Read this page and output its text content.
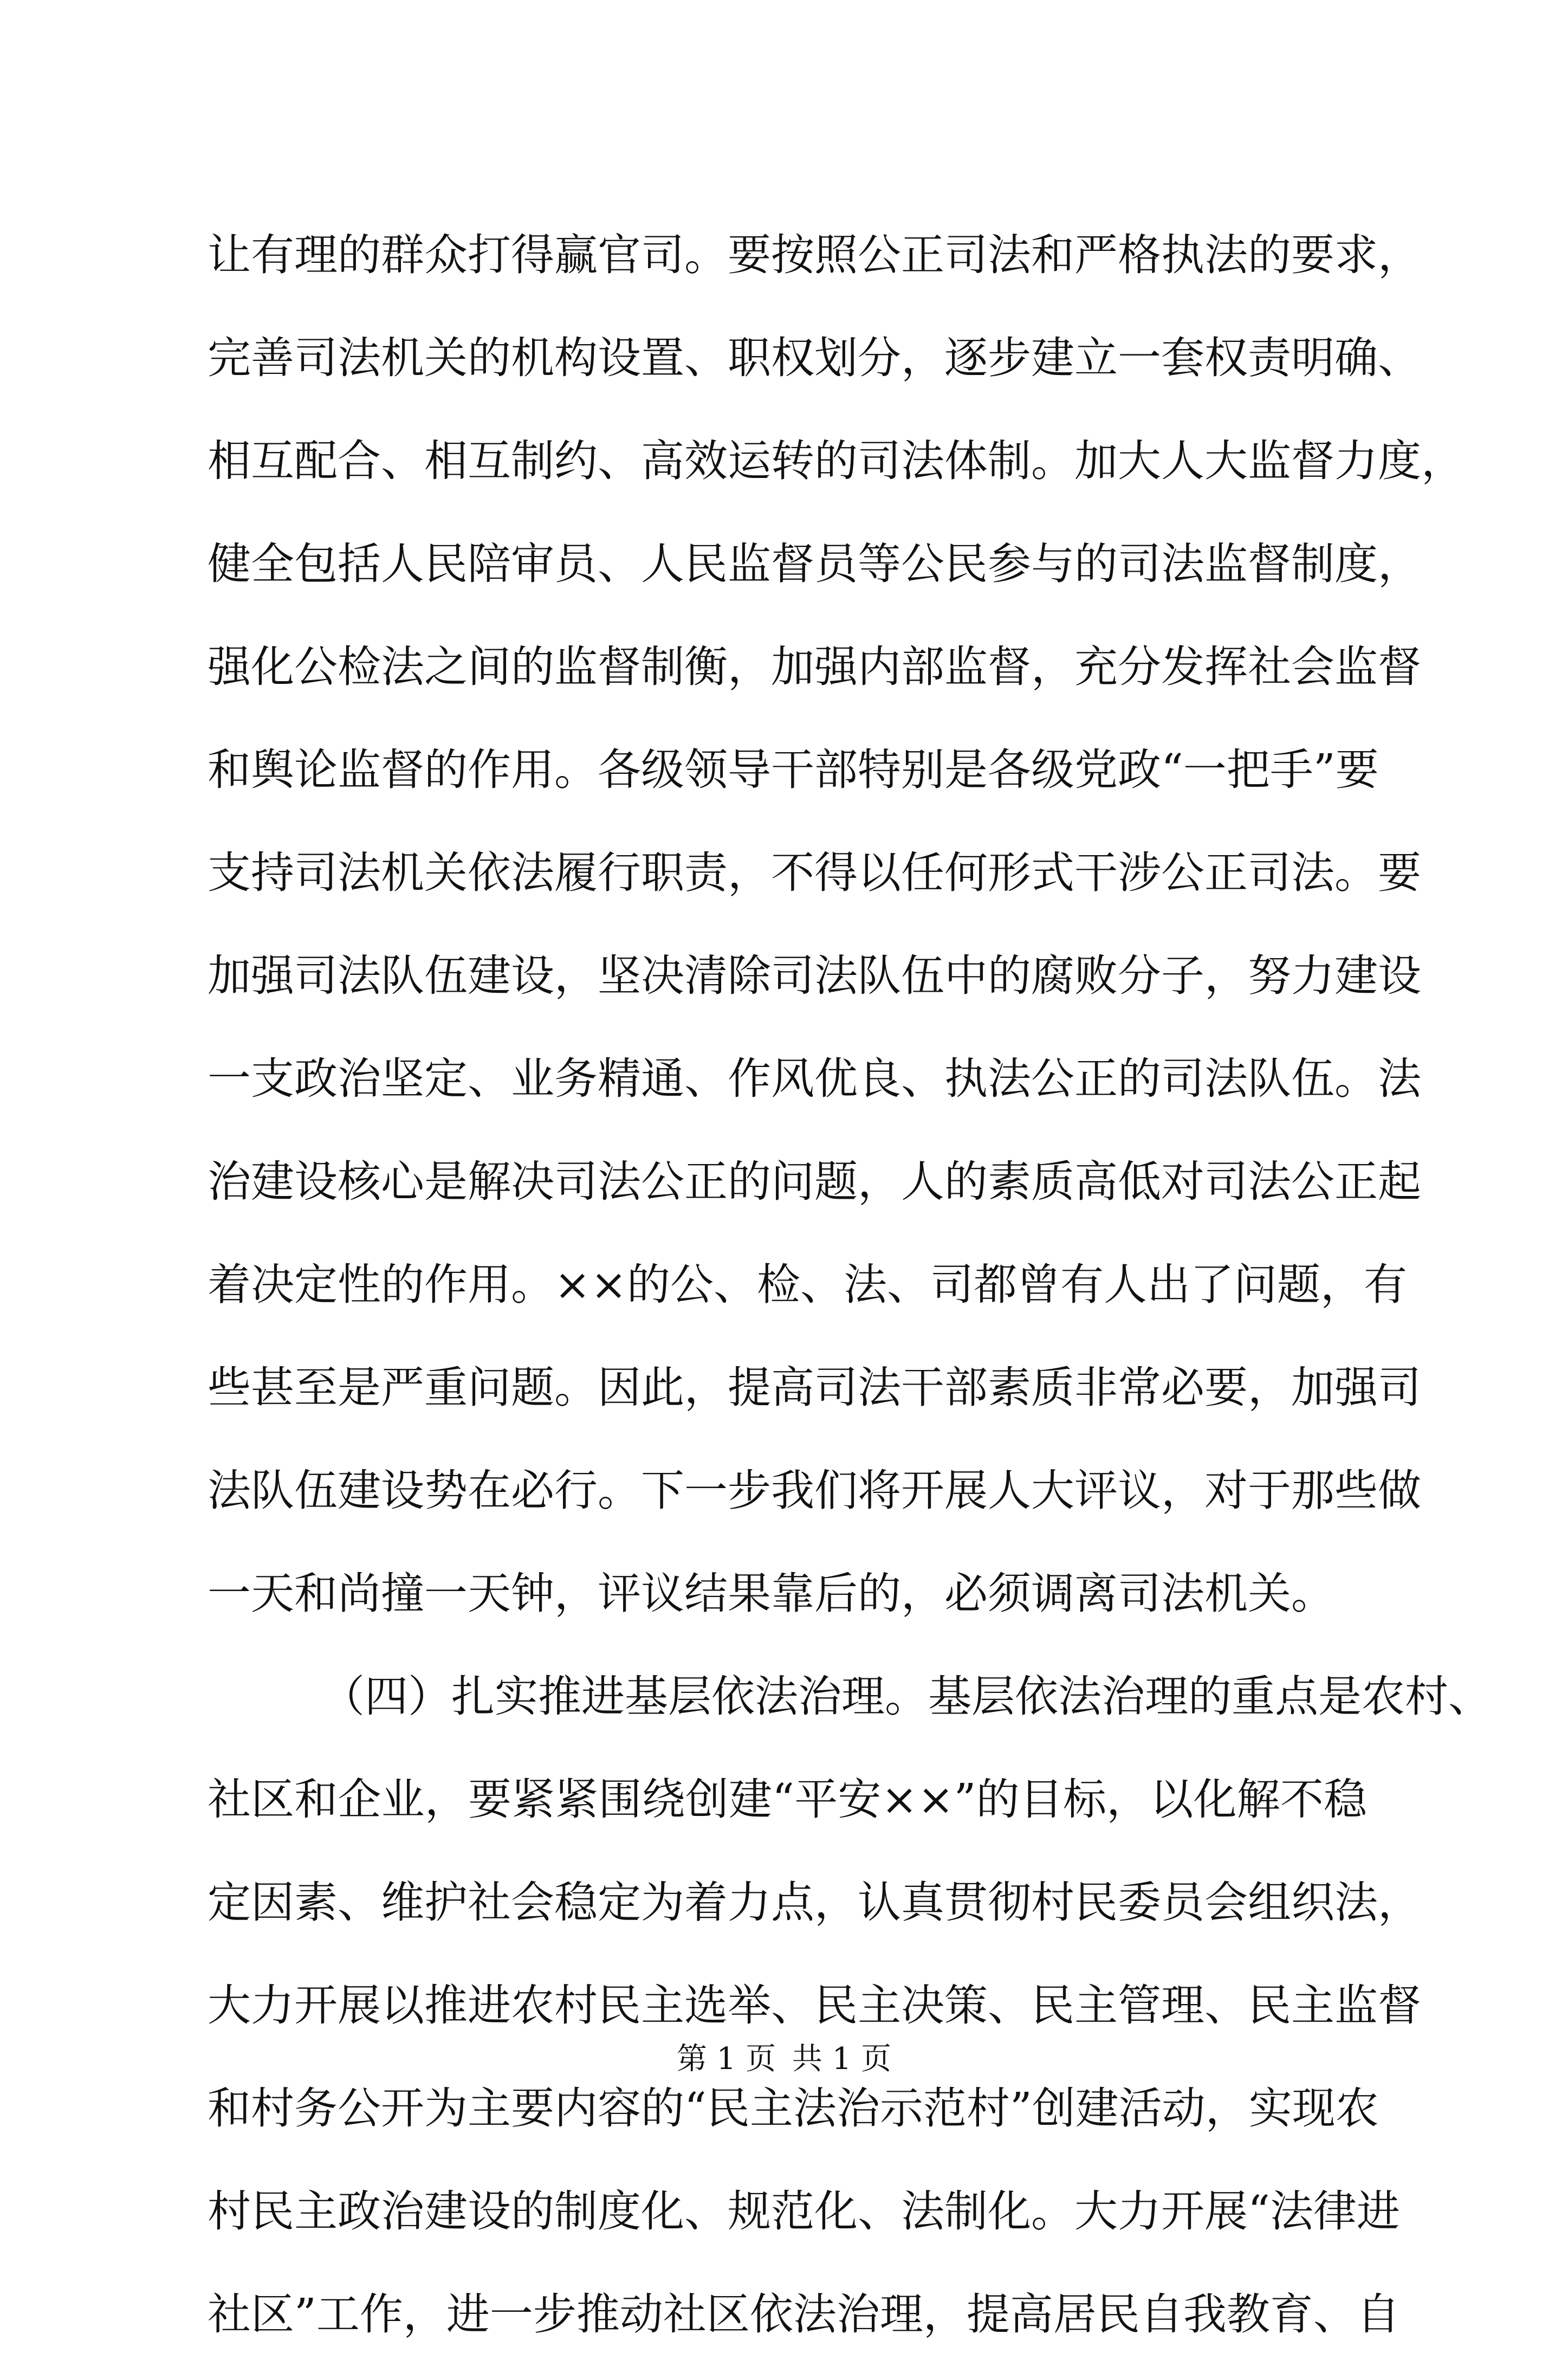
让有理的群众打得赢官司。要按照公正司法和严格执法的要求，
完善司法机关的机构设置、职权划分，逐步建立一套权责明确、
相互配合、相互制约、高效运转的司法体制。加大人大监督力度，
健全包括人民陪审员、人民监督员等公民参与的司法监督制度，
强化公检法之间的监督制衡，加强内部监督，充分发挥社会监督
和舆论监督的作用。各级领导干部特别是各级党政“一把手”要
支持司法机关依法履行职责，不得以任何形式干涉公正司法。要
加强司法队伍建设，坚决清除司法队伍中的腐败分子，努力建设
一支政治坚定、业务精通、作风优良、执法公正的司法队伍。法
治建设核心是解决司法公正的问题，人的素质高低对司法公正起
着决定性的作用。××的公、检、法、司都曾有人出了问题，有
些甚至是严重问题。因此，提高司法干部素质非常必要，加强司
法队伍建设势在必行。下一步我们将开展人大评议，对于那些做
一天和尚撞一天钟，评议结果靠后的，必须调离司法机关。
（四）扎实推进基层依法治理。基层依法治理的重点是农村、
社区和企业，要紧紧围绕创建“平安××”的目标，以化解不稳
定因素、维护社会稳定为着力点，认真贯彻村民委员会组织法，
大力开展以推进农村民主选举、民主决策、民主管理、民主监督
和村务公开为主要内容的“民主法治示范村”创建活动，实现农
村民主政治建设的制度化、规范化、法制化。大力开展“法律进
社区”工作，进一步推动社区依法治理，提高居民自我教育、自
第 1 页 共 1 页
